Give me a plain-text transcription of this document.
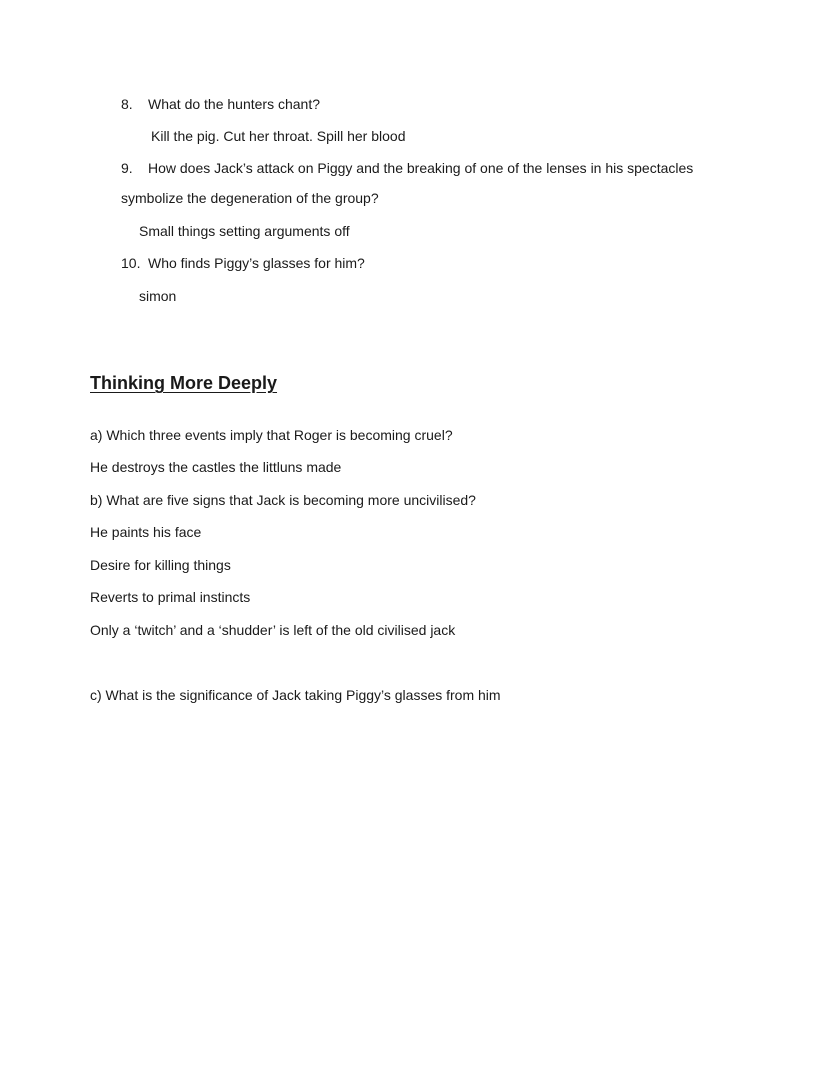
8. What do the hunters chant?
Kill the pig. Cut her throat. Spill her blood
9. How does Jack’s attack on Piggy and the breaking of one of the lenses in his spectacles
symbolize the degeneration of the group?
Small things setting arguments off
10. Who finds Piggy’s glasses for him?
simon
Thinking More Deeply
a) Which three events imply that Roger is becoming cruel?
He destroys the castles the littluns made
b) What are five signs that Jack is becoming more uncivilised?
He paints his face
Desire for killing things
Reverts to primal instincts
Only a ‘twitch’ and a ‘shudder’ is left of the old civilised jack
c) What is the significance of Jack taking Piggy’s glasses from him
